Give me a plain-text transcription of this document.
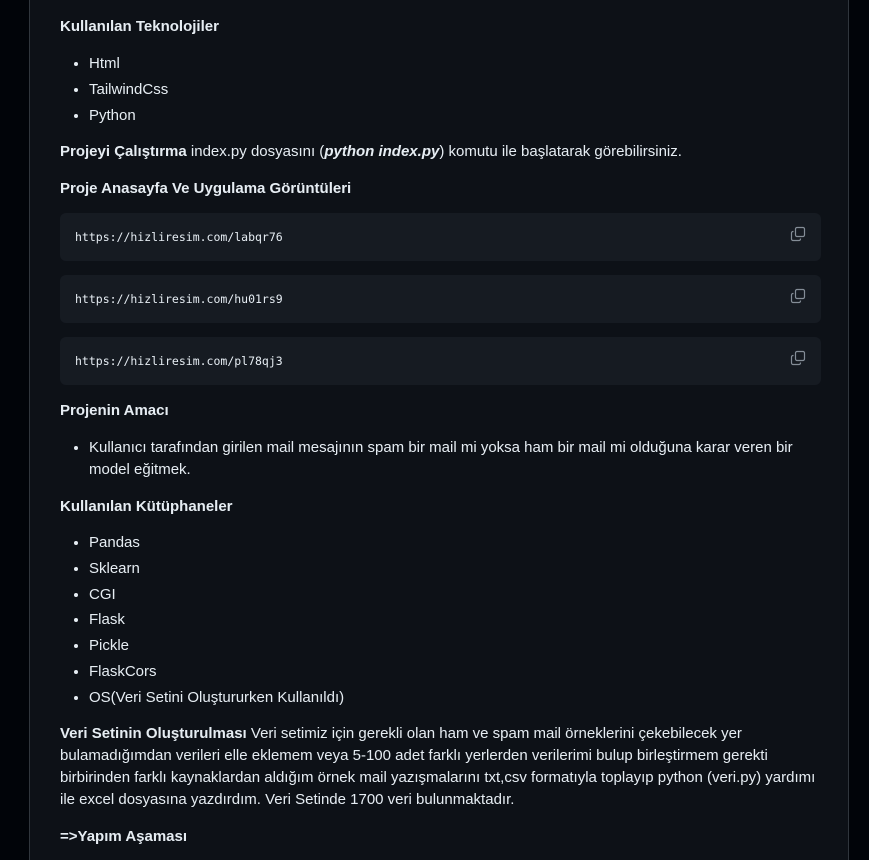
Kullanılan Teknolojiler
• Html
• TailwindCss
• Python
Projeyi Çalıştırma index.py dosyasını (python index.py) komutu ile başlatarak görebilirsiniz.
Proje Anasayfa Ve Uygulama Görüntüleri
https://hizliresim.com/labqr76
https://hizliresim.com/hu01rs9
https://hizliresim.com/pl78qj3
Projenin Amacı
• Kullanıcı tarafından girilen mail mesajının spam bir mail mi yoksa ham bir mail mi olduğuna karar veren bir model eğitmek.
Kullanılan Kütüphaneler
• Pandas
• Sklearn
• CGI
• Flask
• Pickle
• FlaskCors
• OS(Veri Setini Oluştururken Kullanıldı)
Veri Setinin Oluşturulması Veri setimiz için gerekli olan ham ve spam mail örneklerini çekebilecek yer bulamadığımdan verileri elle eklemem veya 5-100 adet farklı yerlerden verilerimi bulup birleştirmem gerekti birbirinden farklı kaynaklardan aldığım örnek mail yazışmalarını txt,csv formatıyla toplayıp python (veri.py) yardımı ile excel dosyasına yazdırdım. Veri Setinde 1700 veri bulunmaktadır.
=>Yapım Aşaması
